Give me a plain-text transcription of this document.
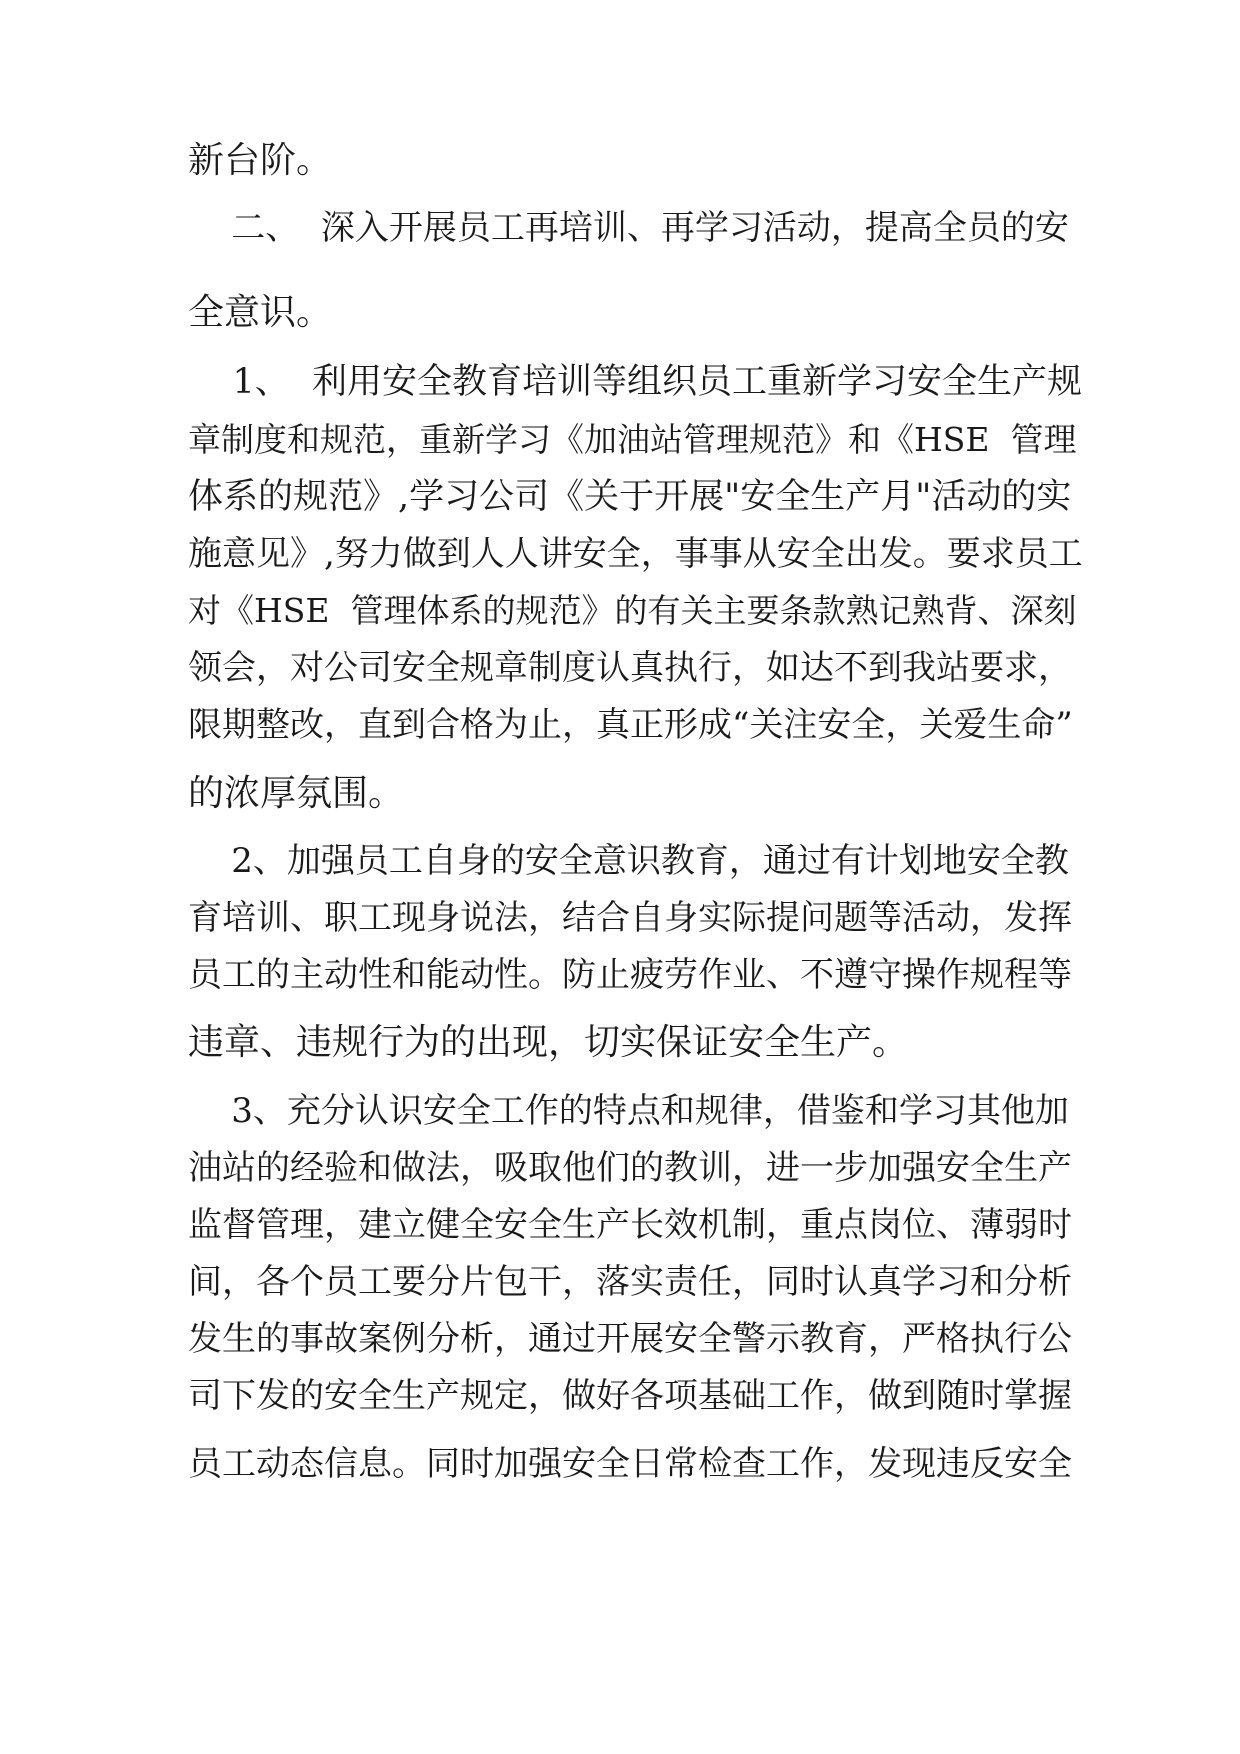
新台阶。
二、  深入开展员工再培训、再学习活动，提高全员的安
全意识。
1、  利用安全教育培训等组织员工重新学习安全生产规
章制度和规范，重新学习《加油站管理规范》和《HSE  管理
体系的规范》,学习公司《关于开展"安全生产月"活动的实
施意见》,努力做到人人讲安全，事事从安全出发。要求员工
对《HSE  管理体系的规范》的有关主要条款熟记熟背、深刻
领会，对公司安全规章制度认真执行，如达不到我站要求，
限期整改，直到合格为止，真正形成“关注安全，关爱生命”
的浓厚氛围。
2、加强员工自身的安全意识教育，通过有计划地安全教
育培训、职工现身说法，结合自身实际提问题等活动，发挥
员工的主动性和能动性。防止疲劳作业、不遵守操作规程等
违章、违规行为的出现，切实保证安全生产。
3、充分认识安全工作的特点和规律，借鉴和学习其他加
油站的经验和做法，吸取他们的教训，进一步加强安全生产
监督管理，建立健全安全生产长效机制，重点岗位、薄弱时
间，各个员工要分片包干，落实责任，同时认真学习和分析
发生的事故案例分析，通过开展安全警示教育，严格执行公
司下发的安全生产规定，做好各项基础工作，做到随时掌握
员工动态信息。同时加强安全日常检查工作，发现违反安全
